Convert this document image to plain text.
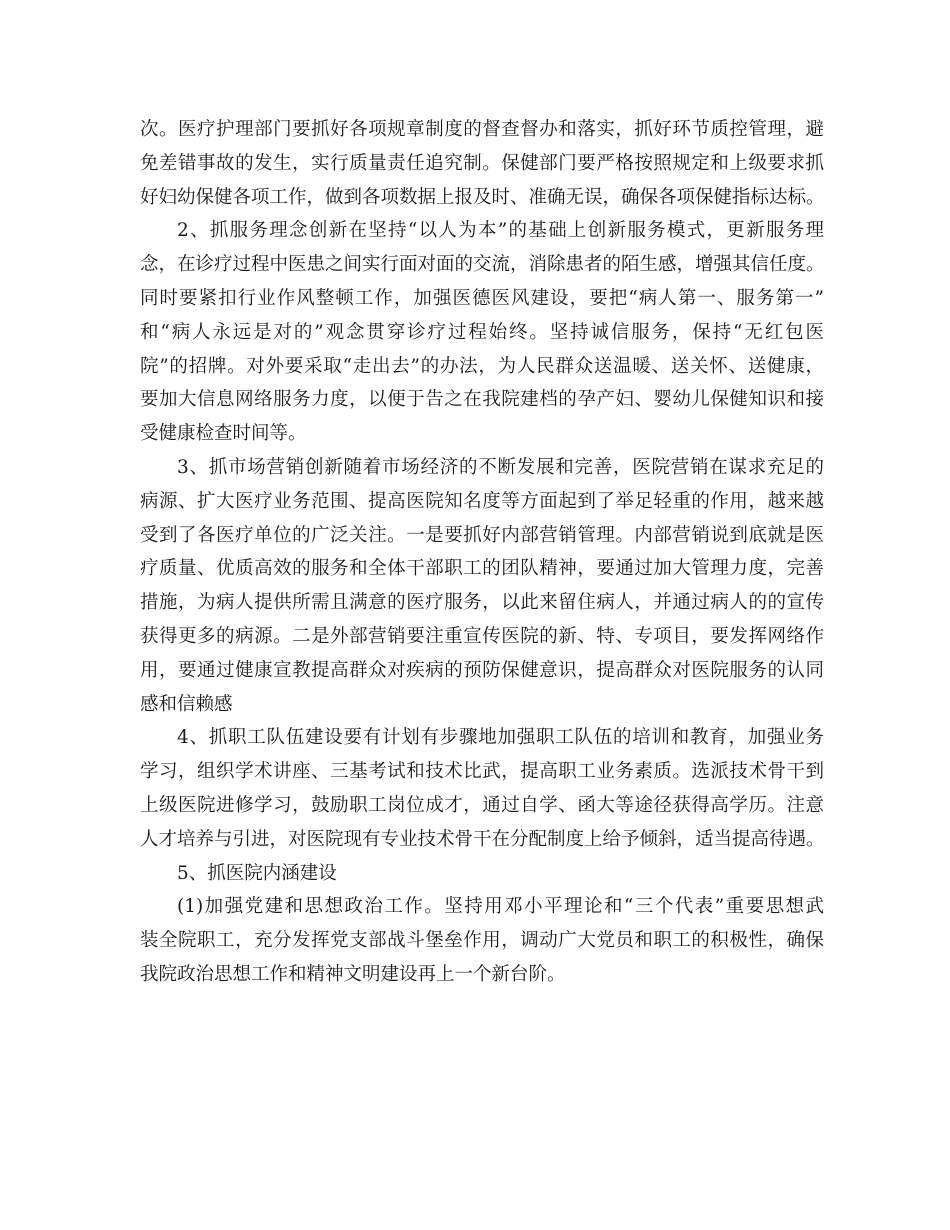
次。医疗护理部门要抓好各项规章制度的督查督办和落实，抓好环节质控管理，避
免差错事故的发生，实行质量责任追究制。保健部门要严格按照规定和上级要求抓
好妇幼保健各项工作，做到各项数据上报及时、准确无误，确保各项保健指标达标。
2、抓服务理念创新在坚持“以人为本”的基础上创新服务模式，更新服务理
念，在诊疗过程中医患之间实行面对面的交流，消除患者的陌生感，增强其信任度。
同时要紧扣行业作风整顿工作，加强医德医风建设，要把“病人第一、服务第一”
和“病人永远是对的”观念贯穿诊疗过程始终。坚持诚信服务，保持“无红包医
院”的招牌。对外要采取“走出去”的办法，为人民群众送温暖、送关怀、送健康，
要加大信息网络服务力度，以便于告之在我院建档的孕产妇、婴幼儿保健知识和接
受健康检查时间等。
3、抓市场营销创新随着市场经济的不断发展和完善，医院营销在谋求充足的
病源、扩大医疗业务范围、提高医院知名度等方面起到了举足轻重的作用，越来越
受到了各医疗单位的广泛关注。一是要抓好内部营销管理。内部营销说到底就是医
疗质量、优质高效的服务和全体干部职工的团队精神，要通过加大管理力度，完善
措施，为病人提供所需且满意的医疗服务，以此来留住病人，并通过病人的的宣传
获得更多的病源。二是外部营销要注重宣传医院的新、特、专项目，要发挥网络作
用，要通过健康宣教提高群众对疾病的预防保健意识，提高群众对医院服务的认同
感和信赖感
4、抓职工队伍建设要有计划有步骤地加强职工队伍的培训和教育，加强业务
学习，组织学术讲座、三基考试和技术比武，提高职工业务素质。选派技术骨干到
上级医院进修学习，鼓励职工岗位成才，通过自学、函大等途径获得高学历。注意
人才培养与引进，对医院现有专业技术骨干在分配制度上给予倾斜，适当提高待遇。
5、抓医院内涵建设
(1)加强党建和思想政治工作。坚持用邓小平理论和“三个代表”重要思想武
装全院职工，充分发挥党支部战斗堡垒作用，调动广大党员和职工的积极性，确保
我院政治思想工作和精神文明建设再上一个新台阶。
